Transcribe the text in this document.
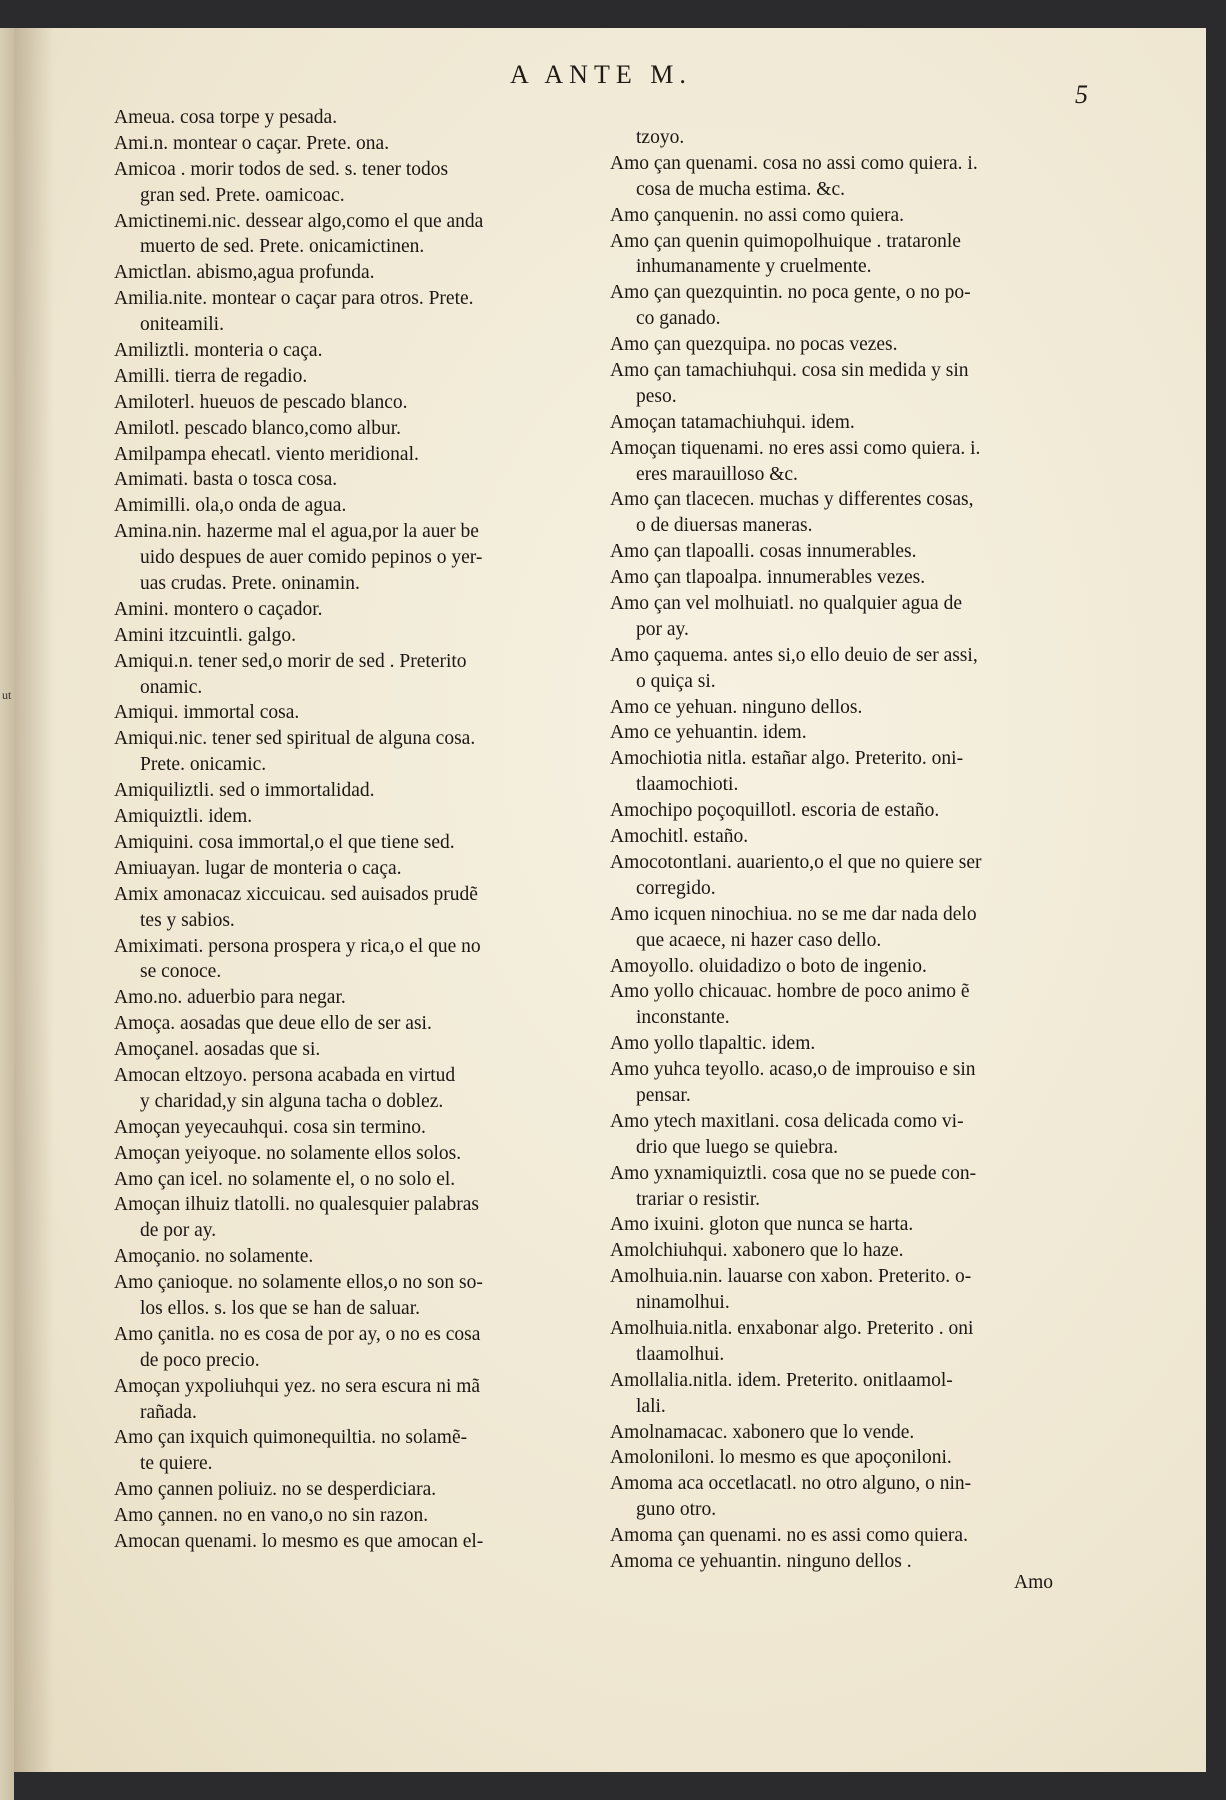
ut
A ANTE M.
5
Ameua. cosa torpe y pesada.
Ami.n. montear o caçar. Prete. ona.
Amicoa . morir todos de sed. s. tener todos
gran sed. Prete. oamicoac.
Amictinemi.nic. dessear algo,como el que anda
muerto de sed. Prete. onicamictinen.
Amictlan. abismo,agua profunda.
Amilia.nite. montear o caçar para otros. Prete.
oniteamili.
Amiliztli. monteria o caça.
Amilli. tierra de regadio.
Amiloterl. hueuos de pescado blanco.
Amilotl. pescado blanco,como albur.
Amilpampa ehecatl. viento meridional.
Amimati. basta o tosca cosa.
Amimilli. ola,o onda de agua.
Amina.nin. hazerme mal el agua,por la auer be
uido despues de auer comido pepinos o yer-
uas crudas. Prete. oninamin.
Amini. montero o caçador.
Amini itzcuintli. galgo.
Amiqui.n. tener sed,o morir de sed . Preterito
onamic.
Amiqui. immortal cosa.
Amiqui.nic. tener sed spiritual de alguna cosa.
Prete. onicamic.
Amiquiliztli. sed o immortalidad.
Amiquiztli. idem.
Amiquini. cosa immortal,o el que tiene sed.
Amiuayan. lugar de monteria o caça.
Amix amonacaz xiccuicau. sed auisados prudẽ
tes y sabios.
Amiximati. persona prospera y rica,o el que no
se conoce.
Amo.no. aduerbio para negar.
Amoça. aosadas que deue ello de ser asi.
Amoçanel. aosadas que si.
Amocan eltzoyo. persona acabada en virtud
y charidad,y sin alguna tacha o doblez.
Amoçan yeyecauhqui. cosa sin termino.
Amoçan yeiyoque. no solamente ellos solos.
Amo çan icel. no solamente el, o no solo el.
Amoçan ilhuiz tlatolli. no qualesquier palabras
de por ay.
Amoçanio. no solamente.
Amo çanioque. no solamente ellos,o no son so-
los ellos. s. los que se han de saluar.
Amo çanitla. no es cosa de por ay, o no es cosa
de poco precio.
Amoçan yxpoliuhqui yez. no sera escura ni mã
rañada.
Amo çan ixquich quimonequiltia. no solamẽ-
te quiere.
Amo çannen poliuiz. no se desperdiciara.
Amo çannen. no en vano,o no sin razon.
Amocan quenami. lo mesmo es que amocan el-
tzoyo.
Amo çan quenami. cosa no assi como quiera. i.
cosa de mucha estima. &c.
Amo çanquenin. no assi como quiera.
Amo çan quenin quimopolhuique . trataronle
inhumanamente y cruelmente.
Amo çan quezquintin. no poca gente, o no po-
co ganado.
Amo çan quezquipa. no pocas vezes.
Amo çan tamachiuhqui. cosa sin medida y sin
peso.
Amoçan tatamachiuhqui. idem.
Amoçan tiquenami. no eres assi como quiera. i.
eres marauilloso &c.
Amo çan tlacecen. muchas y differentes cosas,
o de diuersas maneras.
Amo çan tlapoalli. cosas innumerables.
Amo çan tlapoalpa. innumerables vezes.
Amo çan vel molhuiatl. no qualquier agua de
por ay.
Amo çaquema. antes si,o ello deuio de ser assi,
o quiça si.
Amo ce yehuan. ninguno dellos.
Amo ce yehuantin. idem.
Amochiotia nitla. estañar algo. Preterito. oni-
tlaamochioti.
Amochipo poçoquillotl. escoria de estaño.
Amochitl. estaño.
Amocotontlani. auariento,o el que no quiere ser
corregido.
Amo icquen ninochiua. no se me dar nada delo
que acaece, ni hazer caso dello.
Amoyollo. oluidadizo o boto de ingenio.
Amo yollo chicauac. hombre de poco animo ẽ
inconstante.
Amo yollo tlapaltic. idem.
Amo yuhca teyollo. acaso,o de improuiso e sin
pensar.
Amo ytech maxitlani. cosa delicada como vi-
drio que luego se quiebra.
Amo yxnamiquiztli. cosa que no se puede con-
trariar o resistir.
Amo ixuini. gloton que nunca se harta.
Amolchiuhqui. xabonero que lo haze.
Amolhuia.nin. lauarse con xabon. Preterito. o-
ninamolhui.
Amolhuia.nitla. enxabonar algo. Preterito . oni
tlaamolhui.
Amollalia.nitla. idem. Preterito. onitlaamol-
lali.
Amolnamacac. xabonero que lo vende.
Amoloniloni. lo mesmo es que apoçoniloni.
Amoma aca occetlacatl. no otro alguno, o nin-
guno otro.
Amoma çan quenami. no es assi como quiera.
Amoma ce yehuantin. ninguno dellos .
Amo
